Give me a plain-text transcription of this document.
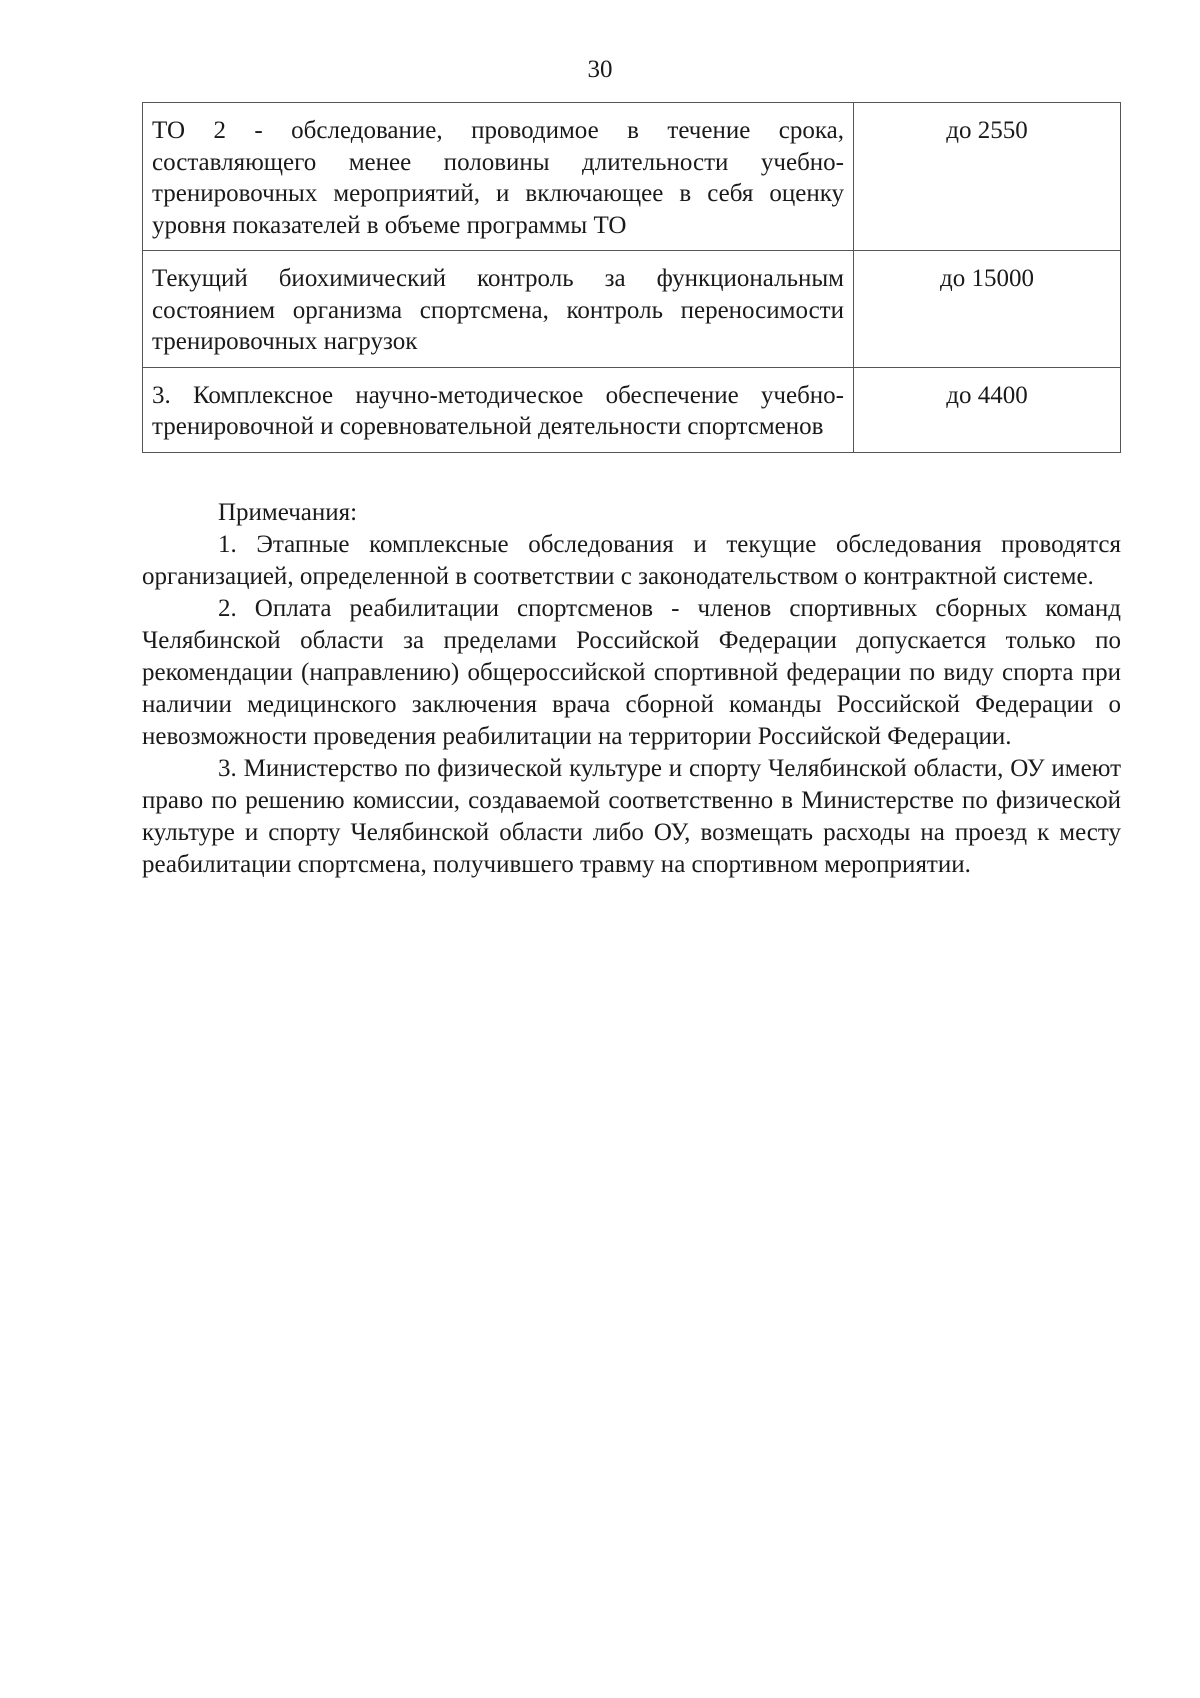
30
ТО 2 - обследование, проводимое в течение срока, составляющего менее половины длительности учебно-тренировочных мероприятий, и включающее в себя оценку уровня показателей в объеме программы ТО	до 2550
Текущий биохимический контроль за функциональным состоянием организма спортсмена, контроль переносимости тренировочных нагрузок	до 15000
3. Комплексное научно-методическое обеспечение учебно-тренировочной и соревновательной деятельности спортсменов	до 4400
Примечания:

1. Этапные комплексные обследования и текущие обследования проводятся организацией, определенной в соответствии с законодательством о контрактной системе.

2. Оплата реабилитации спортсменов - членов спортивных сборных команд Челябинской области за пределами Российской Федерации допускается только по рекомендации (направлению) общероссийской спортивной федерации по виду спорта при наличии медицинского заключения врача сборной команды Российской Федерации о невозможности проведения реабилитации на территории Российской Федерации.

3. Министерство по физической культуре и спорту Челябинской области, ОУ имеют право по решению комиссии, создаваемой соответственно в Министерстве по физической культуре и спорту Челябинской области либо ОУ, возмещать расходы на проезд к месту реабилитации спортсмена, получившего травму на спортивном мероприятии.
